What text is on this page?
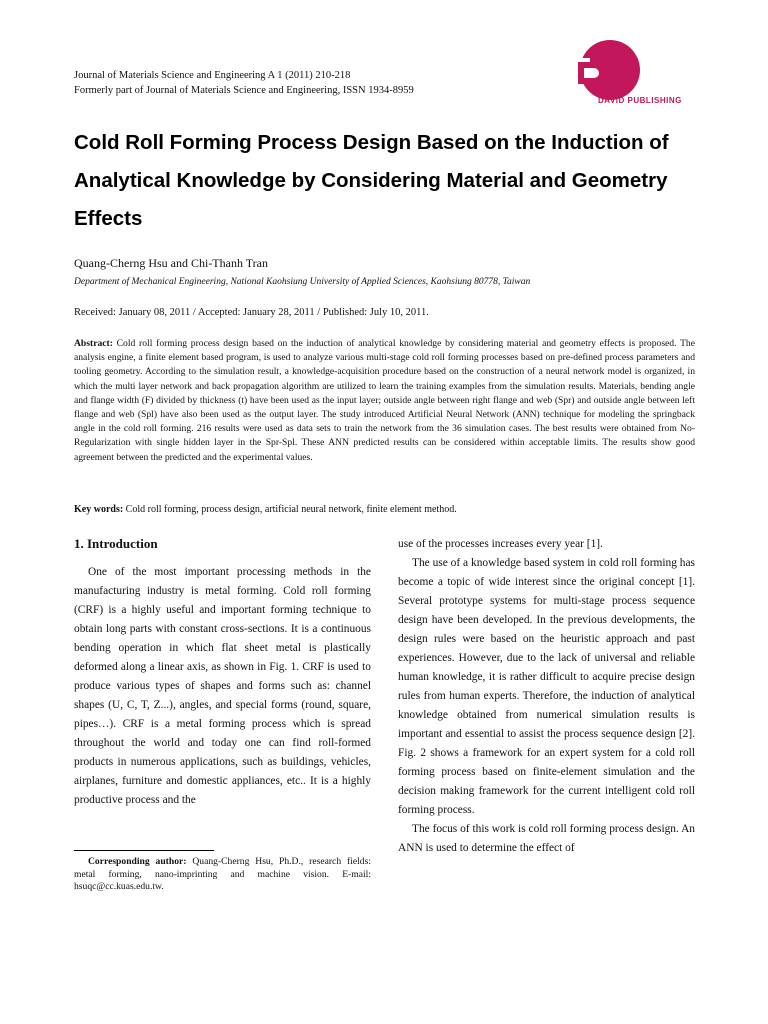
Journal of Materials Science and Engineering A 1 (2011) 210-218
Formerly part of Journal of Materials Science and Engineering, ISSN 1934-8959
DAVID PUBLISHING
Cold Roll Forming Process Design Based on the Induction of Analytical Knowledge by Considering Material and Geometry Effects
Quang-Cherng Hsu and Chi-Thanh Tran
Department of Mechanical Engineering, National Kaohsiung University of Applied Sciences, Kaohsiung 80778, Taiwan
Received: January 08, 2011 / Accepted: January 28, 2011 / Published: July 10, 2011.

Abstract: Cold roll forming process design based on the induction of analytical knowledge by considering material and geometry effects is proposed. The analysis engine, a finite element based program, is used to analyze various multi-stage cold roll forming processes based on pre-defined process parameters and tooling geometry. According to the simulation result, a knowledge-acquisition procedure based on the construction of a neural network model is organized, in which the multi layer network and back propagation algorithm are utilized to learn the training examples from the simulation results. Materials, bending angle and flange width (F) divided by thickness (t) have been used as the input layer; outside angle between right flange and web (Spr) and outside angle between left flange and web (Spl) have also been used as the output layer. The study introduced Artificial Neural Network (ANN) technique for modeling the springback angle in the cold roll forming. 216 results were used as data sets to train the network from the 36 simulation cases. The best results were obtained from No-Regularization with single hidden layer in the Spr-Spl. These ANN predicted results can be considered within acceptable limits. The results show good agreement between the predicted and the experimental values.

Key words: Cold roll forming, process design, artificial neural network, finite element method.

1. Introduction

One of the most important processing methods in the manufacturing industry is metal forming. Cold roll forming (CRF) is a highly useful and important forming technique to obtain long parts with constant cross-sections. It is a continuous bending operation in which flat sheet metal is plastically deformed along a linear axis, as shown in Fig. 1. CRF is used to produce various types of shapes and forms such as: channel shapes (U, C, T, Z...), angles, and special forms (round, square, pipes…). CRF is a metal forming process which is spread throughout the world and today one can find roll-formed products in numerous applications, such as buildings, vehicles, airplanes, furniture and domestic appliances, etc.. It is a highly productive process and the

use of the processes increases every year [1].

The use of a knowledge based system in cold roll forming has become a topic of wide interest since the original concept [1]. Several prototype systems for multi-stage process sequence design have been developed. In the previous developments, the design rules were based on the heuristic approach and past experiences. However, due to the lack of universal and reliable human knowledge, it is rather difficult to acquire precise design rules from human experts. Therefore, the induction of analytical knowledge obtained from numerical simulation results is important and essential to assist the process sequence design [2]. Fig. 2 shows a framework for an expert system for a cold roll forming process based on finite-element simulation and the decision making framework for the current intelligent cold roll forming process.

The focus of this work is cold roll forming process design. An ANN is used to determine the effect of

Corresponding author: Quang-Cherng Hsu, Ph.D., research fields: metal forming, nano-imprinting and machine vision. E-mail: hsuqc@cc.kuas.edu.tw.
